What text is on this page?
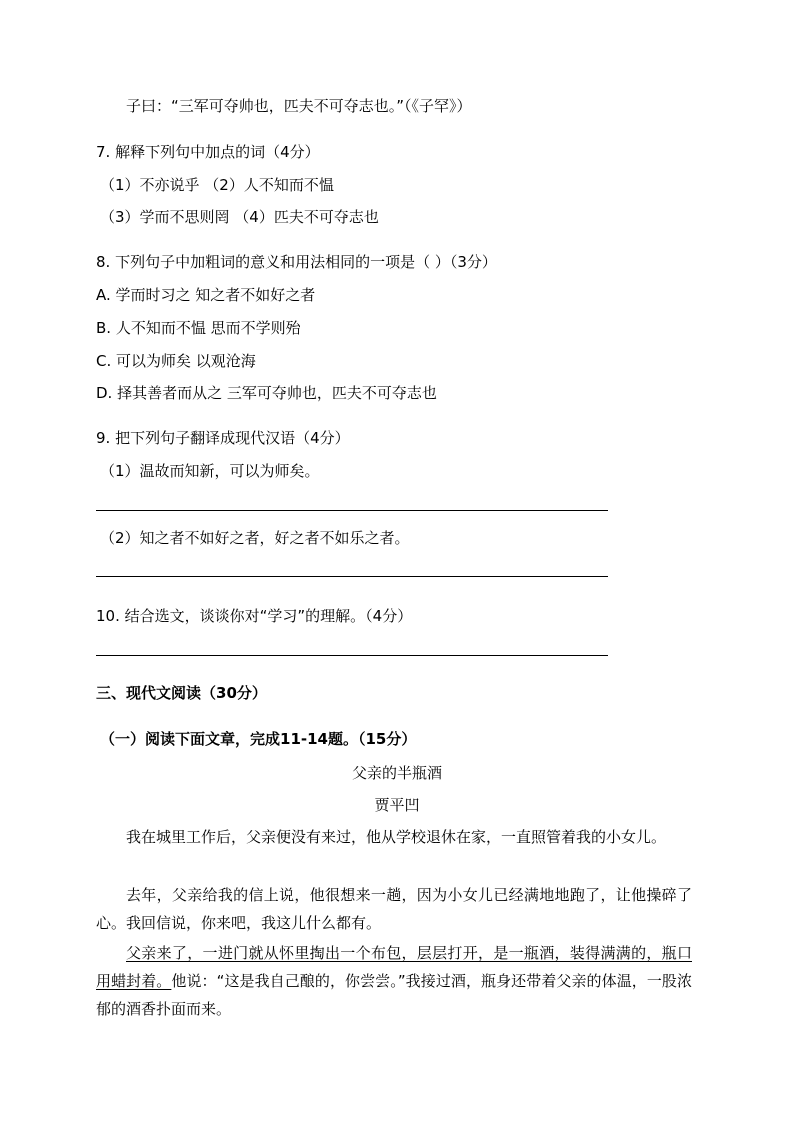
子曰：“三军可夺帅也，匹夫不可夺志也。”（《子罕》）
7. 解释下列句中加点的词（4分）
（1）不亦说乎 （2）人不知而不愠
（3）学而不思则罔 （4）匹夫不可夺志也
8. 下列句子中加粗词的意义和用法相同的一项是（ ）（3分）
A. 学而时习之 知之者不如好之者
B. 人不知而不愠 思而不学则殆
C. 可以为师矣 以观沧海
D. 择其善者而从之 三军可夺帅也，匹夫不可夺志也
9. 把下列句子翻译成现代汉语（4分）
（1）温故而知新，可以为师矣。
（2）知之者不如好之者，好之者不如乐之者。
10. 结合选文，谈谈你对“学习”的理解。（4分）
三、现代文阅读（30分）
（一）阅读下面文章，完成11-14题。（15分）
父亲的半瓶酒
贾平凹
我在城里工作后，父亲便没有来过，他从学校退休在家，一直照管着我的小女儿。
去年，父亲给我的信上说，他很想来一趟，因为小女儿已经满地地跑了，让他操碎了心。我回信说，你来吧，我这儿什么都有。
父亲来了，一进门就从怀里掏出一个布包，层层打开，是一瓶酒，装得满满的，瓶口用蜡封着。他说：“这是我自己酿的，你尝尝。”我接过酒，瓶身还带着父亲的体温，一股浓郁的酒香扑面而来。
